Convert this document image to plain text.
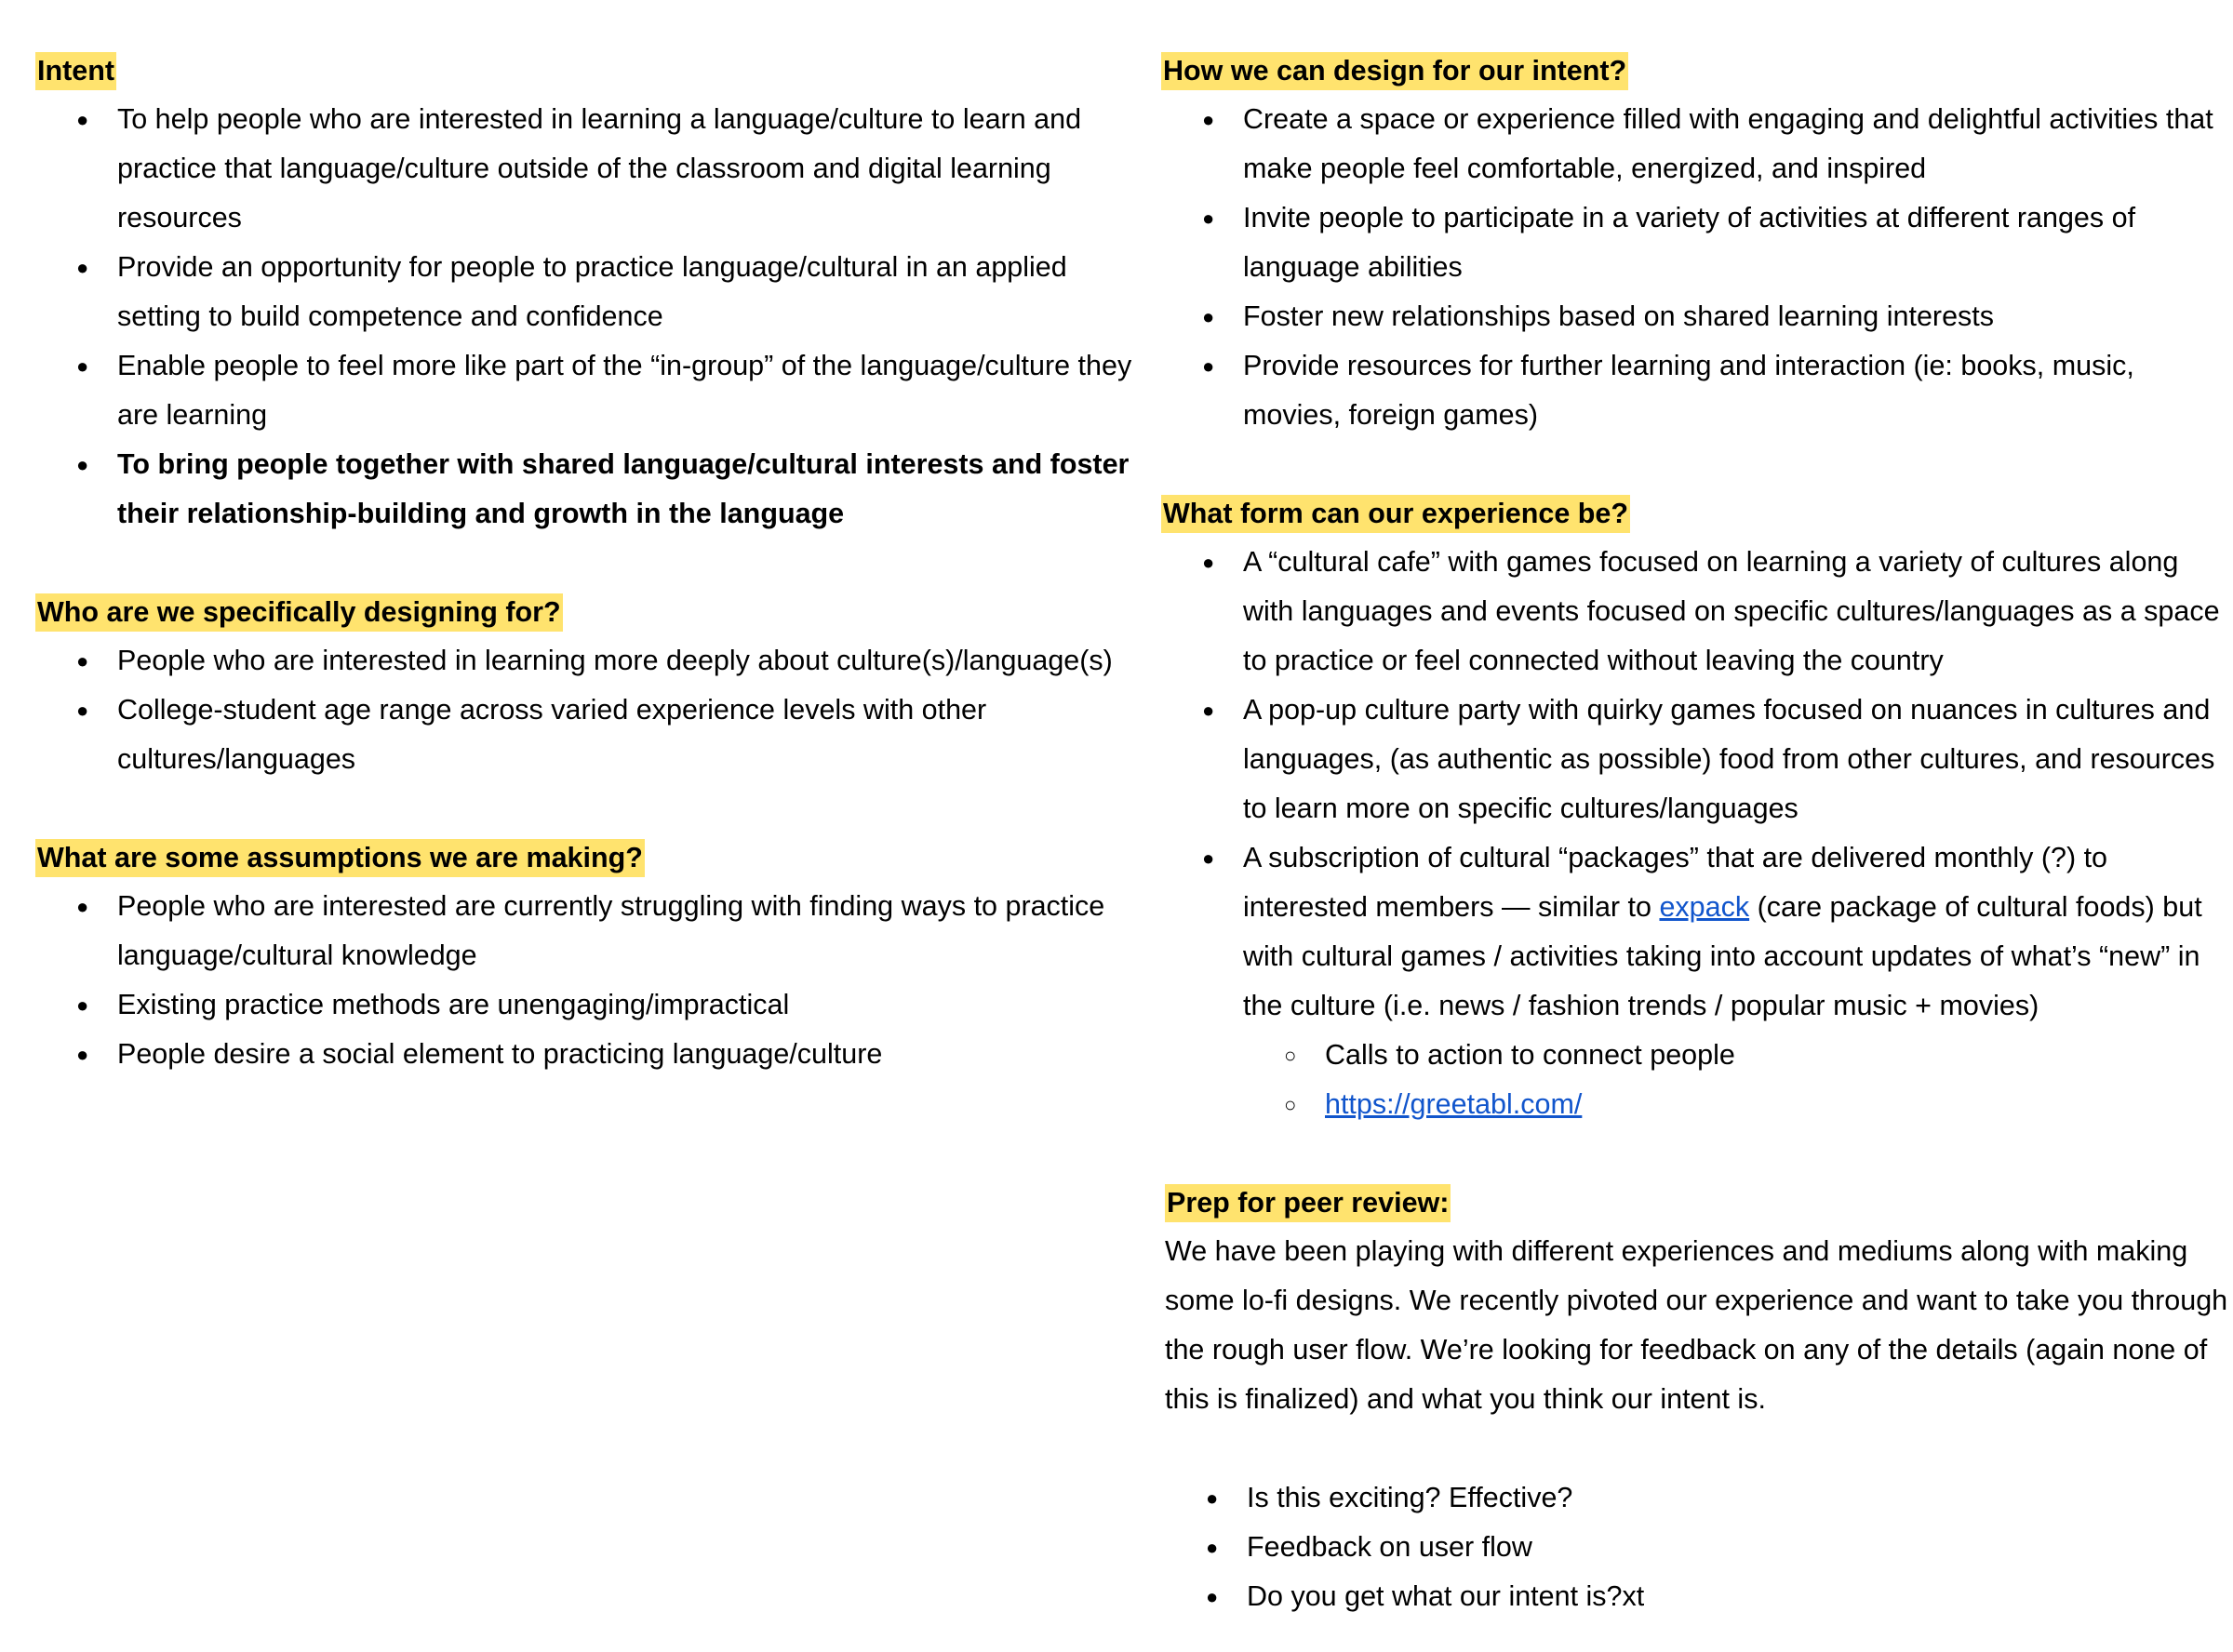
Intent
● To help people who are interested in learning a language/culture to learn and practice that language/culture outside of the classroom and digital learning resources
● Provide an opportunity for people to practice language/cultural in an applied setting to build competence and confidence
● Enable people to feel more like part of the “in-group” of the language/culture they are learning
● To bring people together with shared language/cultural interests and foster their relationship-building and growth in the language
Who are we specifically designing for?
● People who are interested in learning more deeply about culture(s)/language(s)
● College-student age range across varied experience levels with other cultures/languages
What are some assumptions we are making?
● People who are interested are currently struggling with finding ways to practice language/cultural knowledge
● Existing practice methods are unengaging/impractical
● People desire a social element to practicing language/culture
How we can design for our intent?
● Create a space or experience filled with engaging and delightful activities that make people feel comfortable, energized, and inspired
● Invite people to participate in a variety of activities at different ranges of language abilities
● Foster new relationships based on shared learning interests
● Provide resources for further learning and interaction (ie: books, music, movies, foreign games)
What form can our experience be?
● A “cultural cafe” with games focused on learning a variety of cultures along with languages and events focused on specific cultures/languages as a space to practice or feel connected without leaving the country
● A pop-up culture party with quirky games focused on nuances in cultures and languages, (as authentic as possible) food from other cultures, and resources to learn more on specific cultures/languages
● A subscription of cultural “packages” that are delivered monthly (?) to interested members — similar to expack (care package of cultural foods) but with cultural games / activities taking into account updates of what’s “new” in the culture (i.e. news / fashion trends / popular music + movies)
○ Calls to action to connect people
○ https://greetabl.com/
Prep for peer review:

We have been playing with different experiences and mediums along with making some lo-fi designs. We recently pivoted our experience and want to take you through the rough user flow. We’re looking for feedback on any of the details (again none of this is finalized) and what you think our intent is.

● Is this exciting? Effective?
● Feedback on user flow
● Do you get what our intent is?xt
